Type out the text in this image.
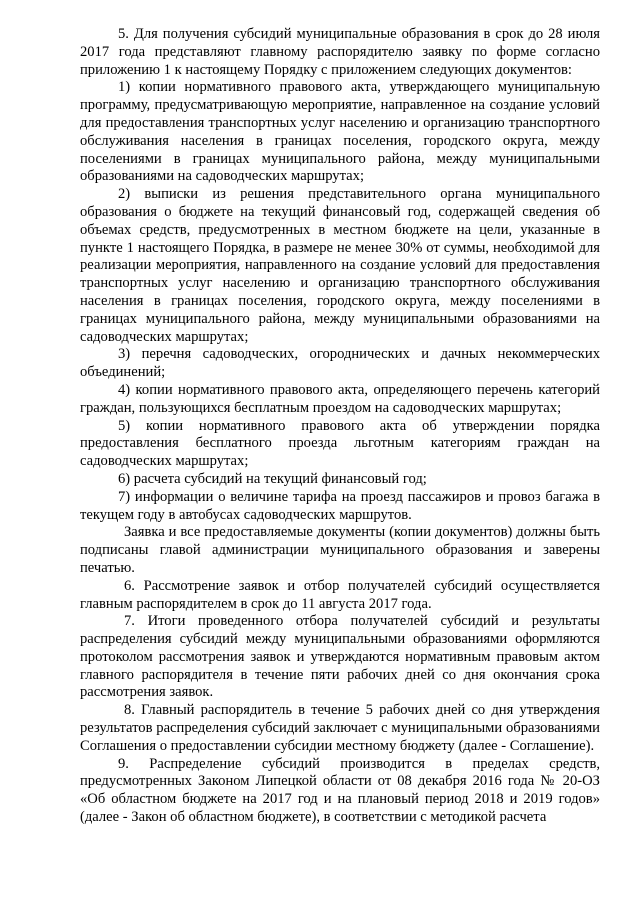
5. Для получения субсидий муниципальные образования в срок до 28 июля 2017 года представляют главному распорядителю заявку по форме согласно приложению 1 к настоящему Порядку с приложением следующих документов:

1) копии нормативного правового акта, утверждающего муниципальную программу, предусматривающую мероприятие, направленное на создание условий для предоставления транспортных услуг населению и организацию транспортного обслуживания населения в границах поселения, городского округа, между поселениями в границах муниципального района, между муниципальными образованиями на садоводческих маршрутах;

2) выписки из решения представительного органа муниципального образования о бюджете на текущий финансовый год, содержащей сведения об объемах средств, предусмотренных в местном бюджете на цели, указанные в пункте 1 настоящего Порядка, в размере не менее 30% от суммы, необходимой для реализации мероприятия, направленного на создание условий для предоставления транспортных услуг населению и организацию транспортного обслуживания населения в границах поселения, городского округа, между поселениями в границах муниципального района, между муниципальными образованиями на садоводческих маршрутах;

3) перечня садоводческих, огороднических и дачных некоммерческих объединений;

4) копии нормативного правового акта, определяющего перечень категорий граждан, пользующихся бесплатным проездом на садоводческих маршрутах;

5) копии нормативного правового акта об утверждении порядка предоставления бесплатного проезда льготным категориям граждан на садоводческих маршрутах;

6) расчета субсидий на текущий финансовый год;

7) информации о величине тарифа на проезд пассажиров и провоз багажа в текущем году в автобусах садоводческих маршрутов.

Заявка и все предоставляемые документы (копии документов) должны быть подписаны главой администрации муниципального образования и заверены печатью.

6. Рассмотрение заявок и отбор получателей субсидий осуществляется главным распорядителем в срок до 11 августа 2017 года.

7. Итоги проведенного отбора получателей субсидий и результаты распределения субсидий между муниципальными образованиями оформляются протоколом рассмотрения заявок и утверждаются нормативным правовым актом главного распорядителя в течение пяти рабочих дней со дня окончания срока рассмотрения заявок.

8. Главный распорядитель в течение 5 рабочих дней со дня утверждения результатов распределения субсидий заключает с муниципальными образованиями Соглашения о предоставлении субсидии местному бюджету (далее - Соглашение).

9. Распределение субсидий производится в пределах средств, предусмотренных Законом Липецкой области от 08 декабря 2016 года № 20-ОЗ «Об областном бюджете на 2017 год и на плановый период 2018 и 2019 годов» (далее - Закон об областном бюджете), в соответствии с методикой расчета
